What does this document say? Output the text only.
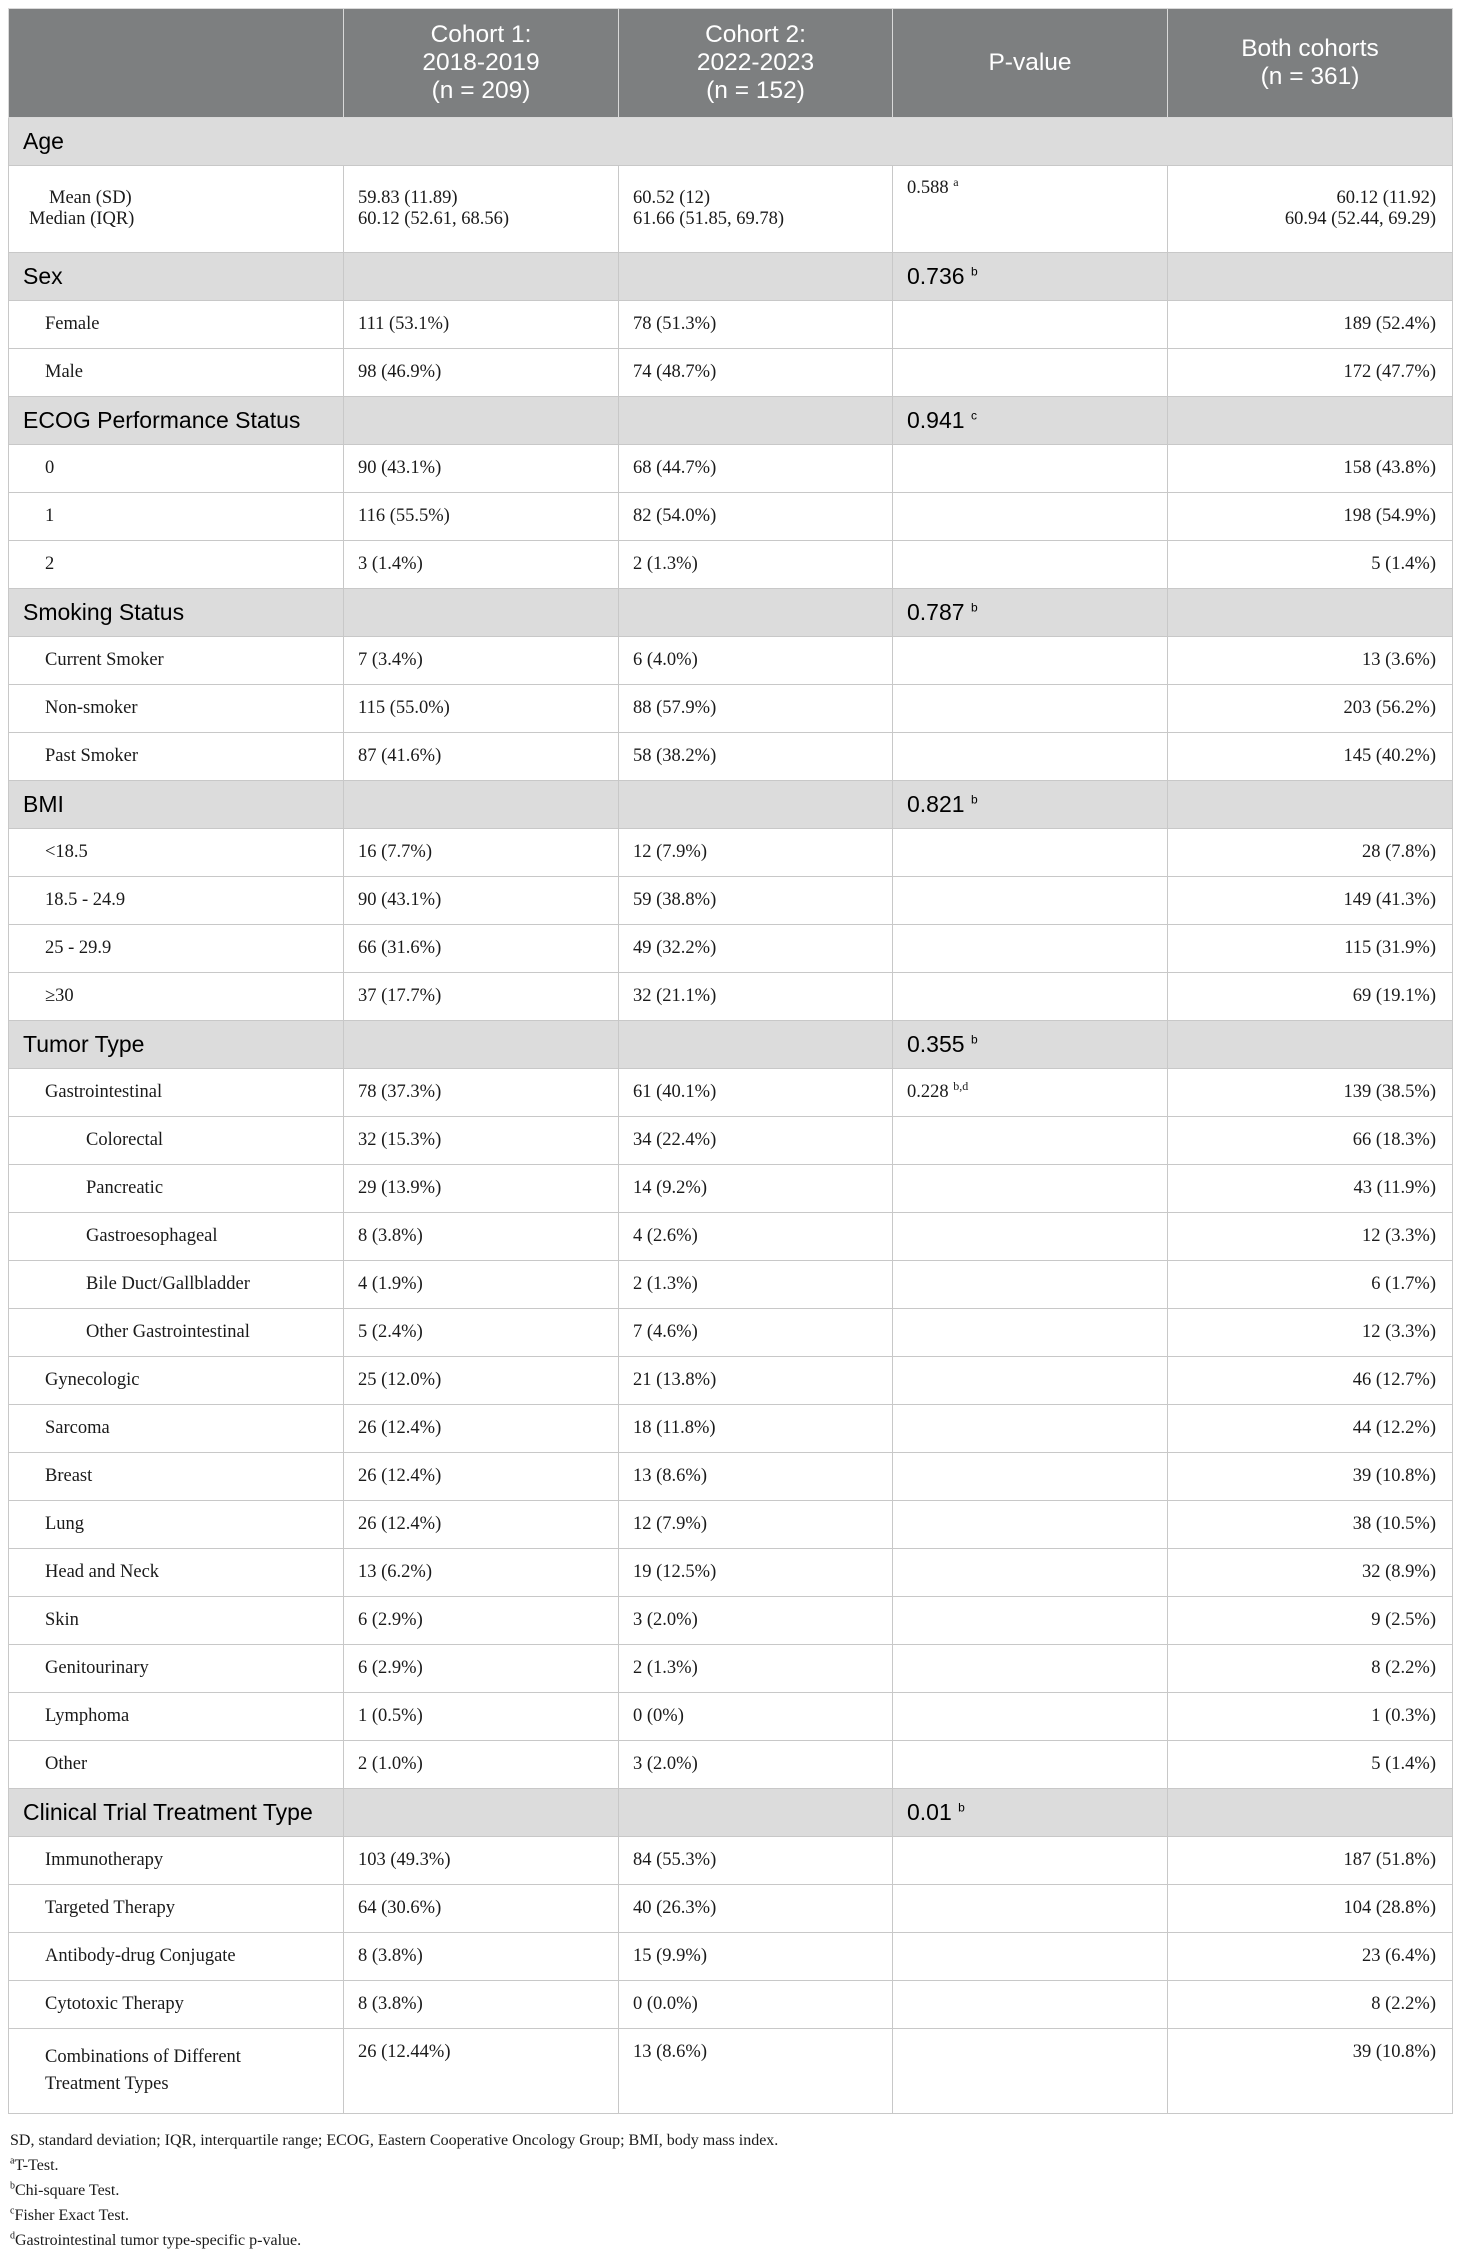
	Cohort 1:
2018-2019
(n = 209)	Cohort 2:
2022-2023
(n = 152)	P-value	Both cohorts
(n = 361)

Age				

Mean (SD)
Median (IQR)	59.83 (11.89)
60.12 (52.61, 68.56)	60.52 (12)
61.66 (51.85, 69.78)	0.588 $^a$	60.12 (11.92)
60.94 (52.44, 69.29)

Sex			0.736 $^b$	
Female	111 (53.1%)	78 (51.3%)		189 (52.4%)
Male	98 (46.9%)	74 (48.7%)		172 (47.7%)
ECOG Performance Status			0.941 $^c$	
0	90 (43.1%)	68 (44.7%)		158 (43.8%)
1	116 (55.5%)	82 (54.0%)		198 (54.9%)
2	3 (1.4%)	2 (1.3%)		5 (1.4%)
Smoking Status			0.787 $^b$	
Current Smoker	7 (3.4%)	6 (4.0%)		13 (3.6%)
Non-smoker	115 (55.0%)	88 (57.9%)		203 (56.2%)
Past Smoker	87 (41.6%)	58 (38.2%)		145 (40.2%)
BMI			0.821 $^b$	
<18.5	16 (7.7%)	12 (7.9%)		28 (7.8%)
18.5 - 24.9	90 (43.1%)	59 (38.8%)		149 (41.3%)
25 - 29.9	66 (31.6%)	49 (32.2%)		115 (31.9%)
≥30	37 (17.7%)	32 (21.1%)		69 (19.1%)
Tumor Type			0.355 $^b$	
Gastrointestinal	78 (37.3%)	61 (40.1%)	0.228 $^{b,d}$	139 (38.5%)
Colorectal	32 (15.3%)	34 (22.4%)		66 (18.3%)
Pancreatic	29 (13.9%)	14 (9.2%)		43 (11.9%)
Gastroesophageal	8 (3.8%)	4 (2.6%)		12 (3.3%)
Bile Duct/Gallbladder	4 (1.9%)	2 (1.3%)		6 (1.7%)
Other Gastrointestinal	5 (2.4%)	7 (4.6%)		12 (3.3%)
Gynecologic	25 (12.0%)	21 (13.8%)		46 (12.7%)
Sarcoma	26 (12.4%)	18 (11.8%)		44 (12.2%)
Breast	26 (12.4%)	13 (8.6%)		39 (10.8%)
Lung	26 (12.4%)	12 (7.9%)		38 (10.5%)
Head and Neck	13 (6.2%)	19 (12.5%)		32 (8.9%)
Skin	6 (2.9%)	3 (2.0%)		9 (2.5%)
Genitourinary	6 (2.9%)	2 (1.3%)		8 (2.2%)
Lymphoma	1 (0.5%)	0 (0%)		1 (0.3%)
Other	2 (1.0%)	3 (2.0%)		5 (1.4%)
Clinical Trial Treatment Type			0.01 $^b$	
Immunotherapy	103 (49.3%)	84 (55.3%)		187 (51.8%)
Targeted Therapy	64 (30.6%)	40 (26.3%)		104 (28.8%)
Antibody-drug Conjugate	8 (3.8%)	15 (9.9%)		23 (6.4%)
Cytotoxic Therapy	8 (3.8%)	0 (0.0%)		8 (2.2%)

Combinations of Different
Treatment Types	26 (12.44%)	13 (8.6%)		39 (10.8%)
SD, standard deviation; IQR, interquartile range; ECOG, Eastern Cooperative Oncology Group; BMI, body mass index.
$^a$T-Test.
$^b$Chi-square Test.
$^c$Fisher Exact Test.
$^d$Gastrointestinal tumor type-specific p-value.
